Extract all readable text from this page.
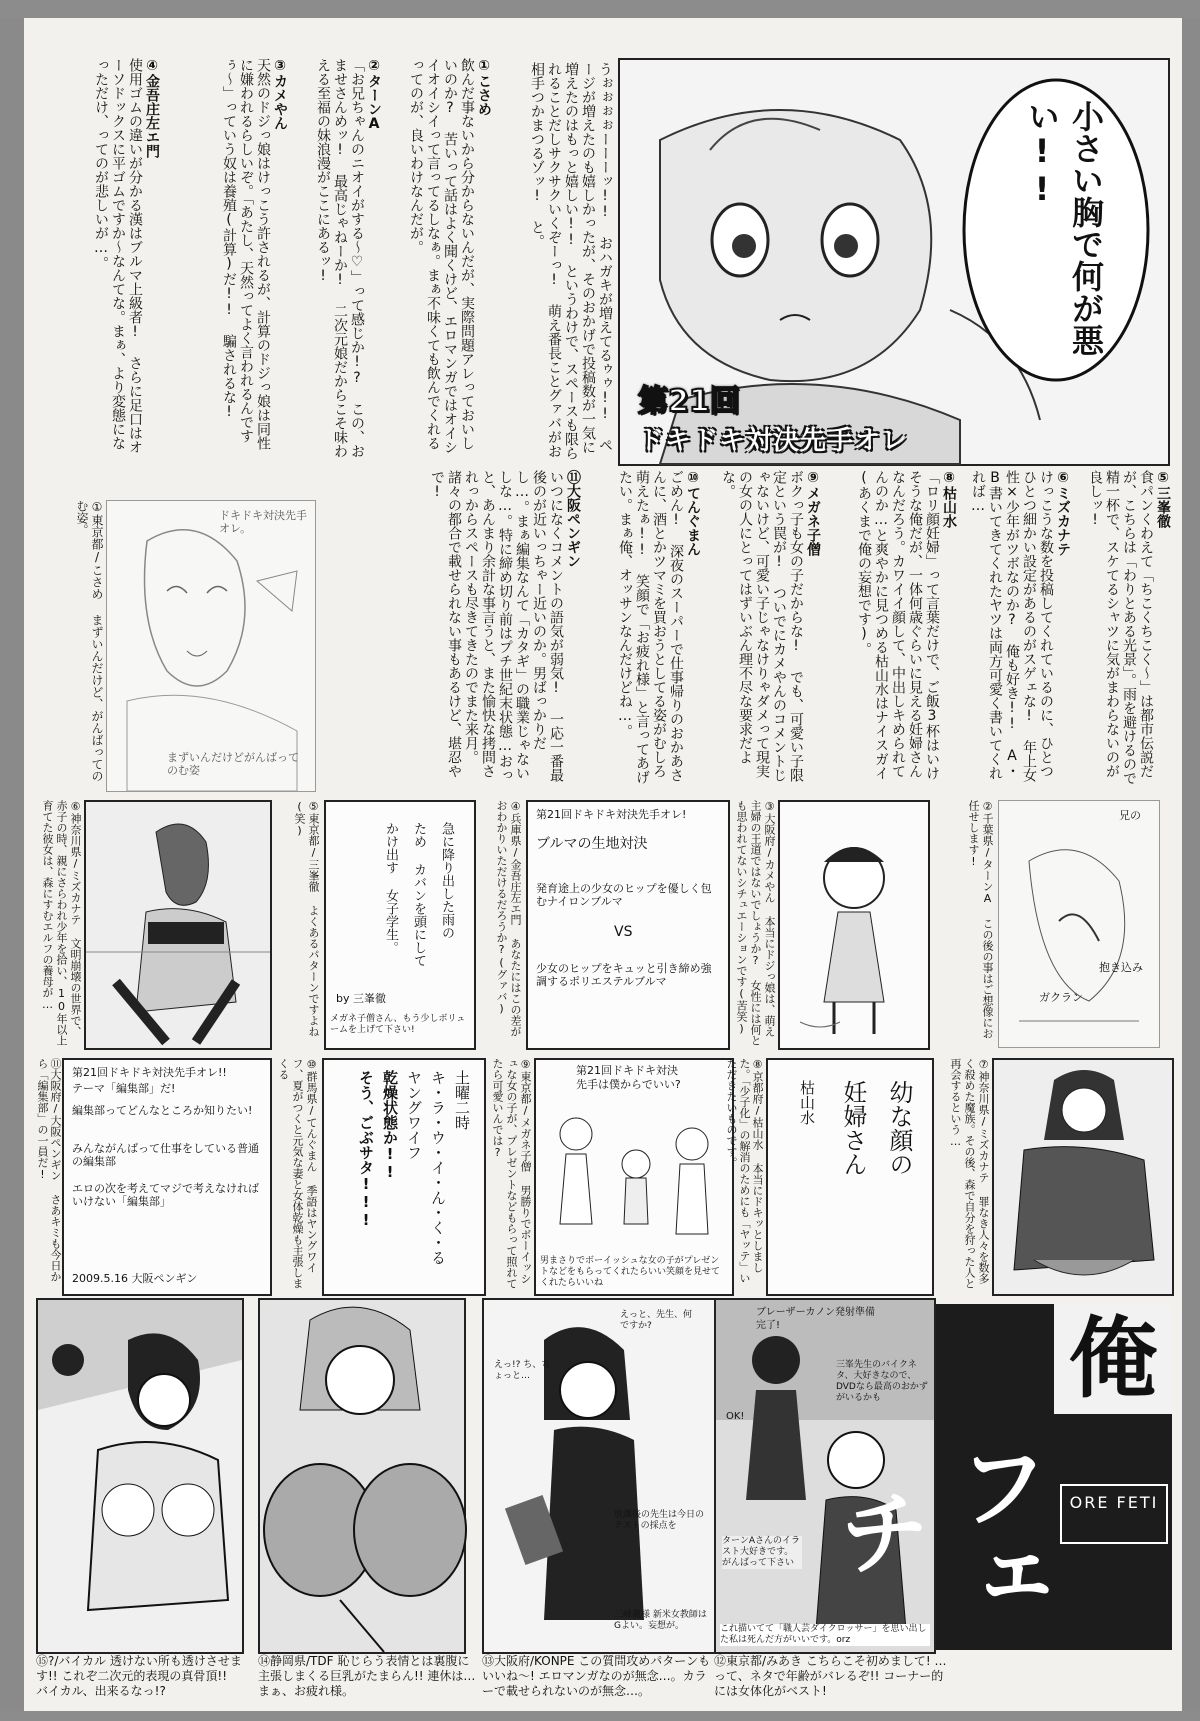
小さい胸で何が悪い!!
第21回
ドキドキ対決先手オレ
うぉぉぉぉーーーッ!! おハガキが増えてるゥゥ!! ページが増えたのも嬉しかったが、そのおかげで投稿数が一気に増えたのはもっと嬉しい!! というわけで、スペースも限られることだしサクサクいくぞーっ! 萌え番長ことグァバがお相手つかまつるゾッ! と。
①こさめ
飲んだ事ないから分からないんだが、実際問題アレっておいしいのか? 苦いって話はよく聞くけど、エロマンガではオイシイオイシイって言ってるしなぁ。まぁ不味くても飲んでくれるってのが、良いわけなんだが。
②ターンA
「お兄ちゃんのニオイがする〜♡」って感じか!? この、おませさんめッ! 最高じゃねーか! 二次元娘だからこそ味わえる至福の妹浪漫がここにあるッ!
③カメやん
天然のドジっ娘はけっこう許されるが、計算のドジっ娘は同性に嫌われるらしいぞ。「あたし、天然ってよく言われるんですぅ〜」っていう奴は養殖(計算)だ!! 騙されるな!
④金吾庄左エ門
使用ゴムの違いが分かる漢はブルマ上級者! さらに足口はオーソドックスに平ゴムですか〜なんてな。まぁ、より変態になっただけ、ってのが悲しいが…。
⑤三峯徹
食パンくわえて「ちこくちこく〜」は都市伝説だが、こちらは「わりとある光景」。雨を避けるので精一杯で、スケてるシャツに気がまわらないのが良しッ!
⑥ミズカナテ
けっこうな数を投稿してくれているのに、ひとつひとつ細かい設定があるのがスゲェな! 年上女性×少年がツボなのか? 俺も好き!! A・B書いてきてくれたヤツは両方可愛く書いてくれれば…
⑧枯山水
「ロリ顔妊婦」って言葉だけで、ご飯3杯はいけそうな俺だが、一体何歳ぐらいに見える妊婦さんなんだろう。カワイイ顔して、中出しキめられてんのか…と爽やかに見つめる枯山水はナイスガイ(あくまで俺の妄想です)。
⑨メガネ子僧
ボクっ子も女の子だからな! でも、可愛い子限定という罠が! ついでにカメやんのコメントじゃないけど、可愛い子じゃなけりゃダメって現実の女の人にとってはずいぶん理不尽な要求だよな。
⑩てんぐまん
ごめん! 深夜のスーパーで仕事帰りのおかあさんに、酒とかツマミを買おうとしてる姿がむしろ萌えたぁ!! 笑顔で「お疲れ様」と言ってあげたい。まぁ俺、オッサンなんだけどね…。
⑪大阪ペンギン
いつになくコメントの語気が弱気! 一応一番最後のが近いっちゃー近いのか。男ばっかりだし…。まぁ編集なんて「カタギ」の職業じゃないしな…。特に締め切り前はプチ世紀末状態…おっと、あんまり余計な事言うと、また愉快な拷問されっからスペースも尽きてきたのでまた来月。諸々の都合で載せられない事もあるけど、堪忍やで!
ドキドキ対決先手オレ。
まずいんだけどがんばってのむ姿
①東京都/こさめ まずいんだけど、がんばってのむ姿。
⑥神奈川県/ミズカナテ 文明崩壊の世界で、赤子の時、親にさらわれ少年を拾い、10年以上育てた彼女は、森にすむエルフの養母が…	急に降り出した雨の
ため カバンを頭にして
かけ出す 女子学生。
by 三峯徹
メガネ子僧さん、もう少しボリュームを上げて下さい!
⑤東京都/三峯徹 よくあるパターンですよね(笑)	第21回ドキドキ対決先手オレ!
ブルマの生地対決
発育途上の少女のヒップを優しく包むナイロンブルマ
VS
少女のヒップをキュッと引き締め強調するポリエステルブルマ
④兵庫県/金吾庄左エ門 あなたにはこの差がおわかりいただけるだろうか?(グァバ)	③大阪府/カメやん 本当にドジっ娘は、萌え主婦の王道ではないでしょうか? 女性には何とも思われてないシチュエーションです(苦笑)	兄の
抱き込み
ガクラン
②千葉県/ターンA この後の事はご想像にお任せします!
第21回ドキドキ対決先手オレ!!
テーマ「編集部」だ!
編集部ってどんなところか知りたい!
みんながんばって仕事をしている普通の編集部
エロの次を考えてマジで考えなければいけない「編集部」
2009.5.16 大阪ペンギン
⑪大阪府/大阪ペンギン さあキミも今日から「編集部」の一員だ!	土曜二時
キ・ラ・ウ・イ・ん・く・る
ヤングワイフ
乾燥状態か!!
そう、ごぶサタ!!!
⑩群馬県/てんぐまん 季語はヤングワイフ、夏がつくと元気な妻と女体乾燥も主張しまくる	第21回ドキドキ対決
先手は僕からでいい?
男まさりでボーイッシュな女の子がプレゼントなどをもらってくれたらいい笑顔を見せてくれたらいいね
⑨東京都/メガネ子僧 男勝りでボーイッシュな女の子が、プレゼントなどもらって照れてたら可愛いんでは?	幼な顔の
妊婦さん
枯山水
⑧京都府/枯山水 本当にドキッとしました。「少子化」の解消のためにも「ヤッテ」いただきたいものです。	⑦神奈川県/ミズカナテ 罪なき人々を数多く殺めた魔族。その後、森で自分を狩った人と再会するという…
⑮?/バイカル 透けない所も透けさせます!! これぞ二次元的表現の真骨頂!! バイカル、出来るなっ!?
⑭静岡県/TDF 恥じらう表情とは裏腹に主張しまくる巨乳がたまらん!! 連休は…まぁ、お疲れ様。
えっと、先生、何ですか?
えっ!? ち、ちょっと…
放課後の先生は今日のテストの採点を
三峰徹様 新米女教師は Gよい。妄想が。
⑬大阪府/KONPE この質問攻めパターンもいいね〜! エロマンガなのが無念…。カラーで載せられないのが無念…。
ブレーザーカノン発射準備完了!
OK!
ターンAさんのイラスト大好きです。がんばって下さい
三峯先生のバイクネタ、大好きなので、DVDなら最高のおかずがいるかも
これ描いてて「職人芸ダイクロッサー」を思い出した私は死んだ方がいいです。orz
⑫東京都/みあき こちらこそ初めまして! …って、ネタで年齢がバレるぞ!! コーナー的には女体化がベスト!
俺
フェチ	ORE FETI
